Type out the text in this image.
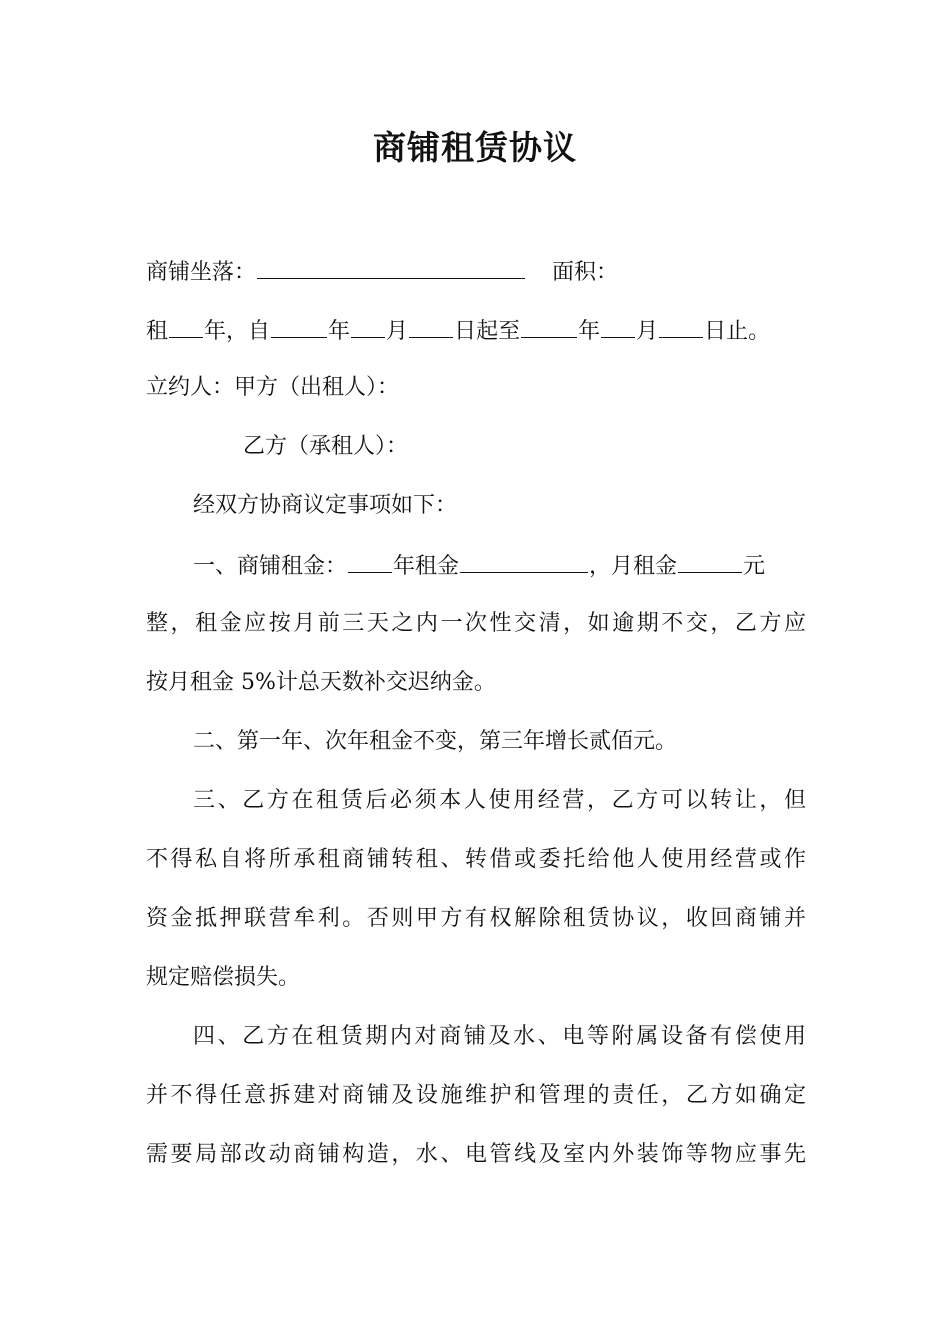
商铺租赁协议
商铺坐落：	面积：
租 年，自	年 月 日起至	年 月 日止。
立约人：甲方（出租人）：
乙方（承租人）：
经双方协商议定事项如下：
一、商铺租金： 年租金	，月租金	元
整，租金应按月前三天之内一次性交清，如逾期不交，乙方应
按月租金 5%计总天数补交迟纳金。
二、第一年、次年租金不变，第三年增长贰佰元。
三、乙方在租赁后必须本人使用经营，乙方可以转让，但
不得私自将所承租商铺转租、转借或委托给他人使用经营或作
资金抵押联营牟利。否则甲方有权解除租赁协议，收回商铺并
规定赔偿损失。
四、乙方在租赁期内对商铺及水、电等附属设备有偿使用
并不得任意拆建对商铺及设施维护和管理的责任，乙方如确定
需要局部改动商铺构造，水、电管线及室内外装饰等物应事先
